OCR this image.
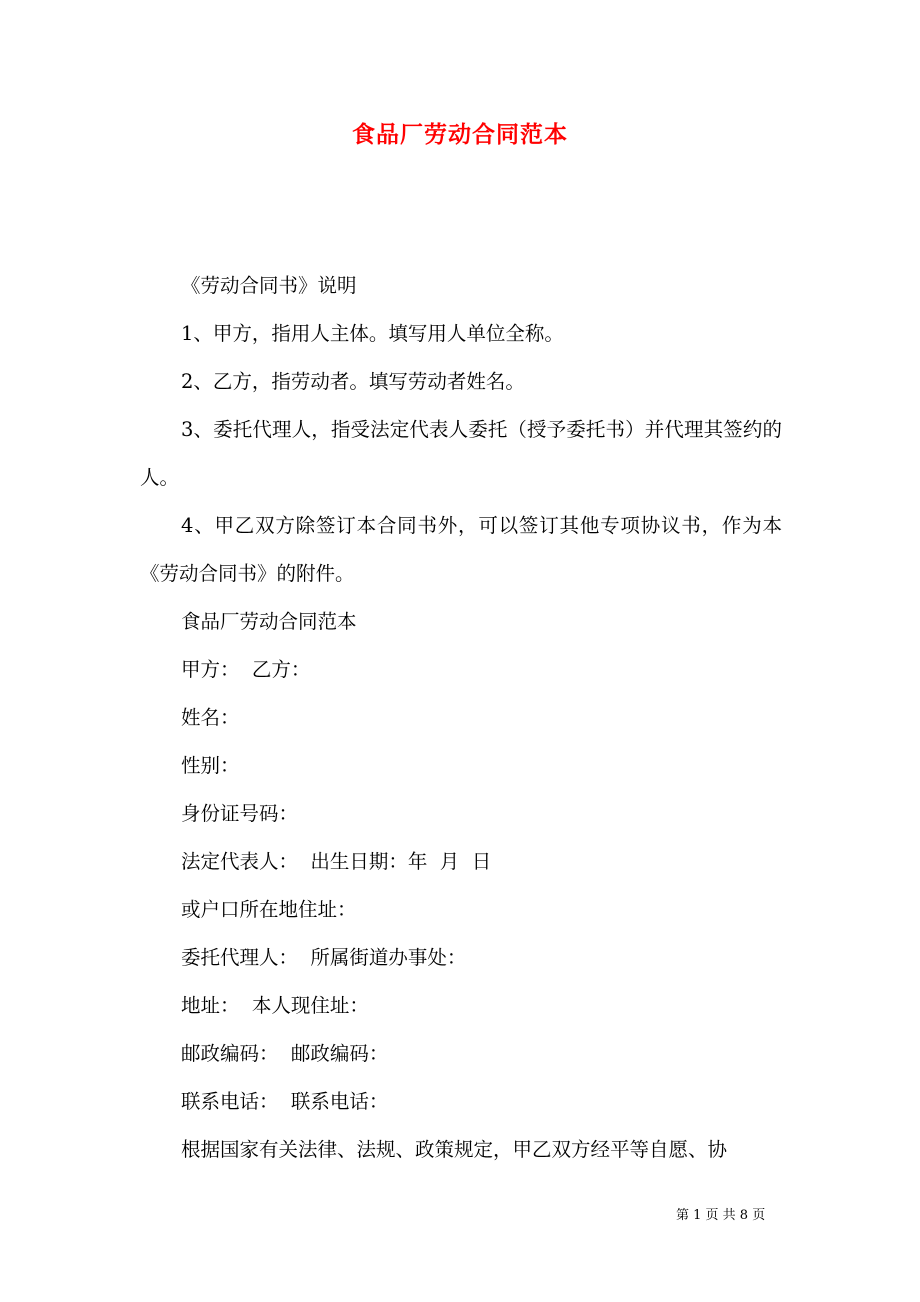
食品厂劳动合同范本

《劳动合同书》说明

1、甲方，指用人主体。填写用人单位全称。

2、乙方，指劳动者。填写劳动者姓名。

3、委托代理人，指受法定代表人委托（授予委托书）并代理其签约的人。

4、甲乙双方除签订本合同书外，可以签订其他专项协议书，作为本《劳动合同书》的附件。

食品厂劳动合同范本

甲方：  乙方：

姓名：

性别：

身份证号码：

法定代表人：  出生日期：年  月  日

或户口所在地住址：

委托代理人：  所属街道办事处：

地址：  本人现住址：

邮政编码：  邮政编码：

联系电话：  联系电话：

根据国家有关法律、法规、政策规定，甲乙双方经平等自愿、协

第 1 页 共 8 页
